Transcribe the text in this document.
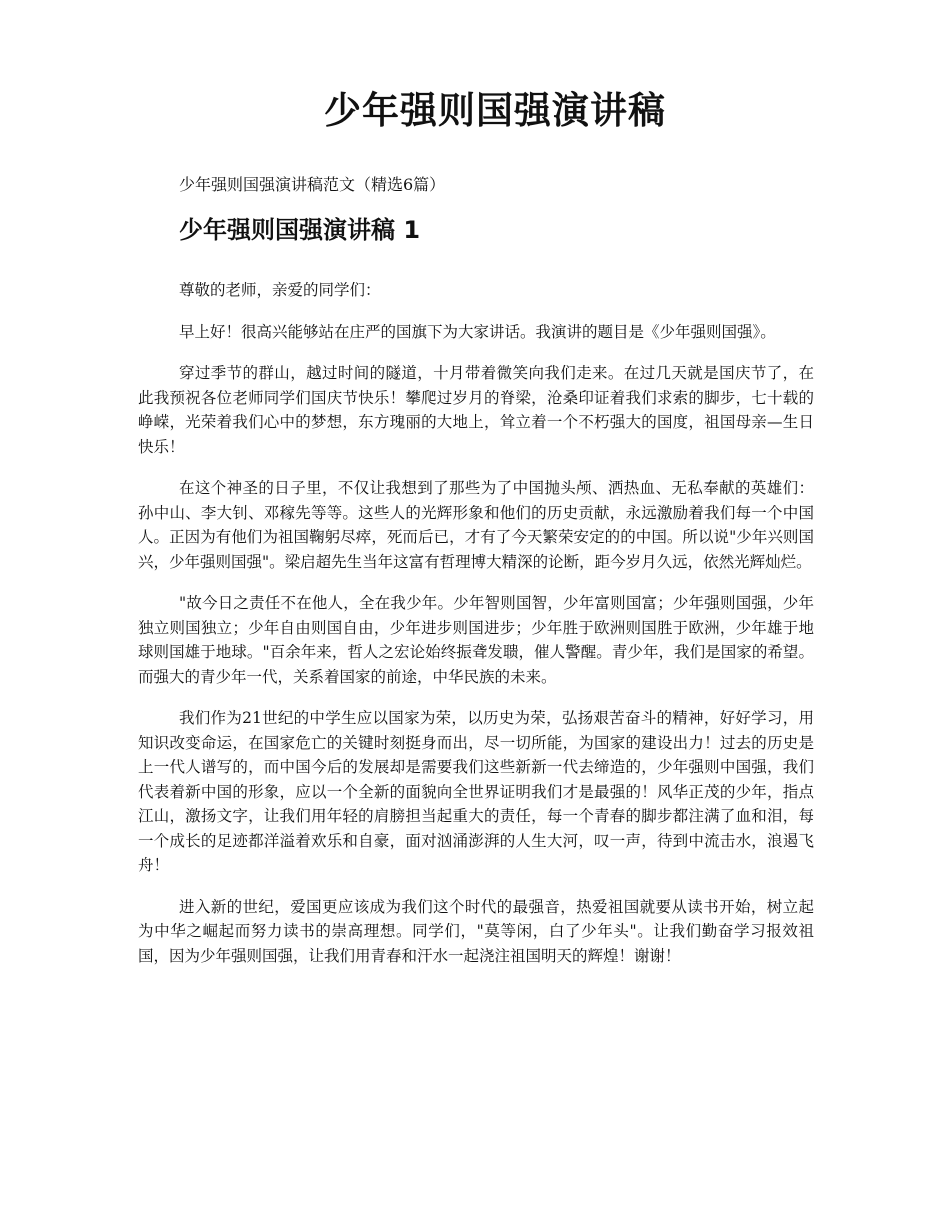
少年强则国强演讲稿

少年强则国强演讲稿范文（精选6篇）

少年强则国强演讲稿 1

尊敬的老师，亲爱的同学们：

早上好！很高兴能够站在庄严的国旗下为大家讲话。我演讲的题目是《少年强则国强》。

穿过季节的群山，越过时间的隧道，十月带着微笑向我们走来。在过几天就是国庆节了，在此我预祝各位老师同学们国庆节快乐！攀爬过岁月的脊梁，沧桑印证着我们求索的脚步，七十载的峥嵘，光荣着我们心中的梦想，东方瑰丽的大地上，耸立着一个不朽强大的国度，祖国母亲—生日快乐！

在这个神圣的日子里，不仅让我想到了那些为了中国抛头颅、洒热血、无私奉献的英雄们：孙中山、李大钊、邓稼先等等。这些人的光辉形象和他们的历史贡献，永远激励着我们每一个中国人。正因为有他们为祖国鞠躬尽瘁，死而后已，才有了今天繁荣安定的的中国。所以说"少年兴则国兴，少年强则国强"。梁启超先生当年这富有哲理博大精深的论断，距今岁月久远，依然光辉灿烂。

"故今日之责任不在他人，全在我少年。少年智则国智，少年富则国富；少年强则国强，少年独立则国独立；少年自由则国自由，少年进步则国进步；少年胜于欧洲则国胜于欧洲，少年雄于地球则国雄于地球。"百余年来，哲人之宏论始终振聋发聩，催人警醒。青少年，我们是国家的希望。而强大的青少年一代，关系着国家的前途，中华民族的未来。

我们作为21世纪的中学生应以国家为荣，以历史为荣，弘扬艰苦奋斗的精神，好好学习，用知识改变命运，在国家危亡的关键时刻挺身而出，尽一切所能，为国家的建设出力！过去的历史是上一代人谱写的，而中国今后的发展却是需要我们这些新新一代去缔造的，少年强则中国强，我们代表着新中国的形象，应以一个全新的面貌向全世界证明我们才是最强的！风华正茂的少年，指点江山，激扬文字，让我们用年轻的肩膀担当起重大的责任，每一个青春的脚步都注满了血和泪，每一个成长的足迹都洋溢着欢乐和自豪，面对汹涌澎湃的人生大河，叹一声，待到中流击水，浪遏飞舟！

进入新的世纪，爱国更应该成为我们这个时代的最强音，热爱祖国就要从读书开始，树立起为中华之崛起而努力读书的崇高理想。同学们，"莫等闲，白了少年头"。让我们勤奋学习报效祖国，因为少年强则国强，让我们用青春和汗水一起浇注祖国明天的辉煌！谢谢！
